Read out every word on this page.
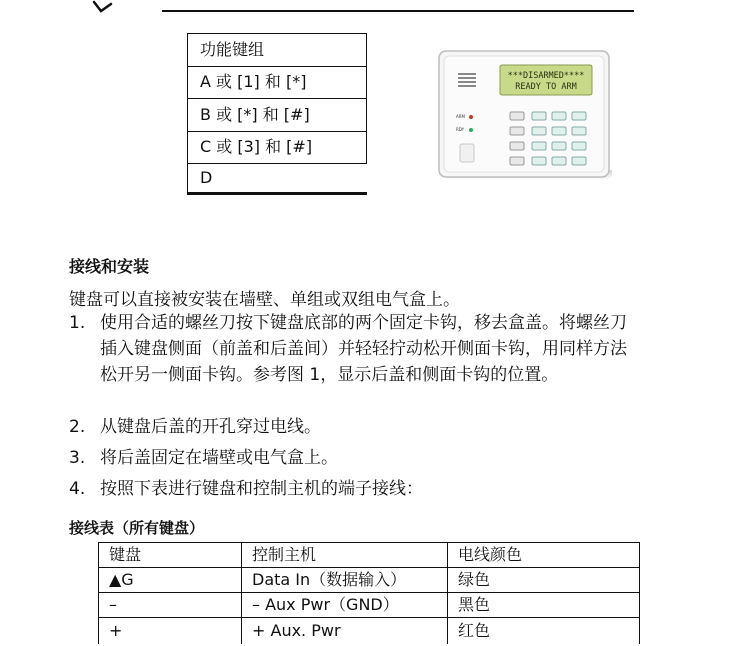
功能键组
A 或 [1] 和 [*]
B 或 [*] 和 [#]
C 或 [3] 和 [#]
D
***DISARMED****
READY TO ARM
ARM
RDY
接线和安装
键盘可以直接被安装在墙壁、单组或双组电气盒上。
1. 使用合适的螺丝刀按下键盘底部的两个固定卡钩，移去盒盖。将螺丝刀插入键盘侧面（前盖和后盖间）并轻轻拧动松开侧面卡钩，用同样方法松开另一侧面卡钩。参考图 1，显示后盖和侧面卡钩的位置。
2. 从键盘后盖的开孔穿过电线。
3. 将后盖固定在墙壁或电气盒上。
4. 按照下表进行键盘和控制主机的端子接线：
接线表（所有键盘）
键盘	控制主机	电线颜色
▲G	Data In（数据输入）	绿色
–	– Aux Pwr（GND）	黑色
+	+ Aux. Pwr	红色
